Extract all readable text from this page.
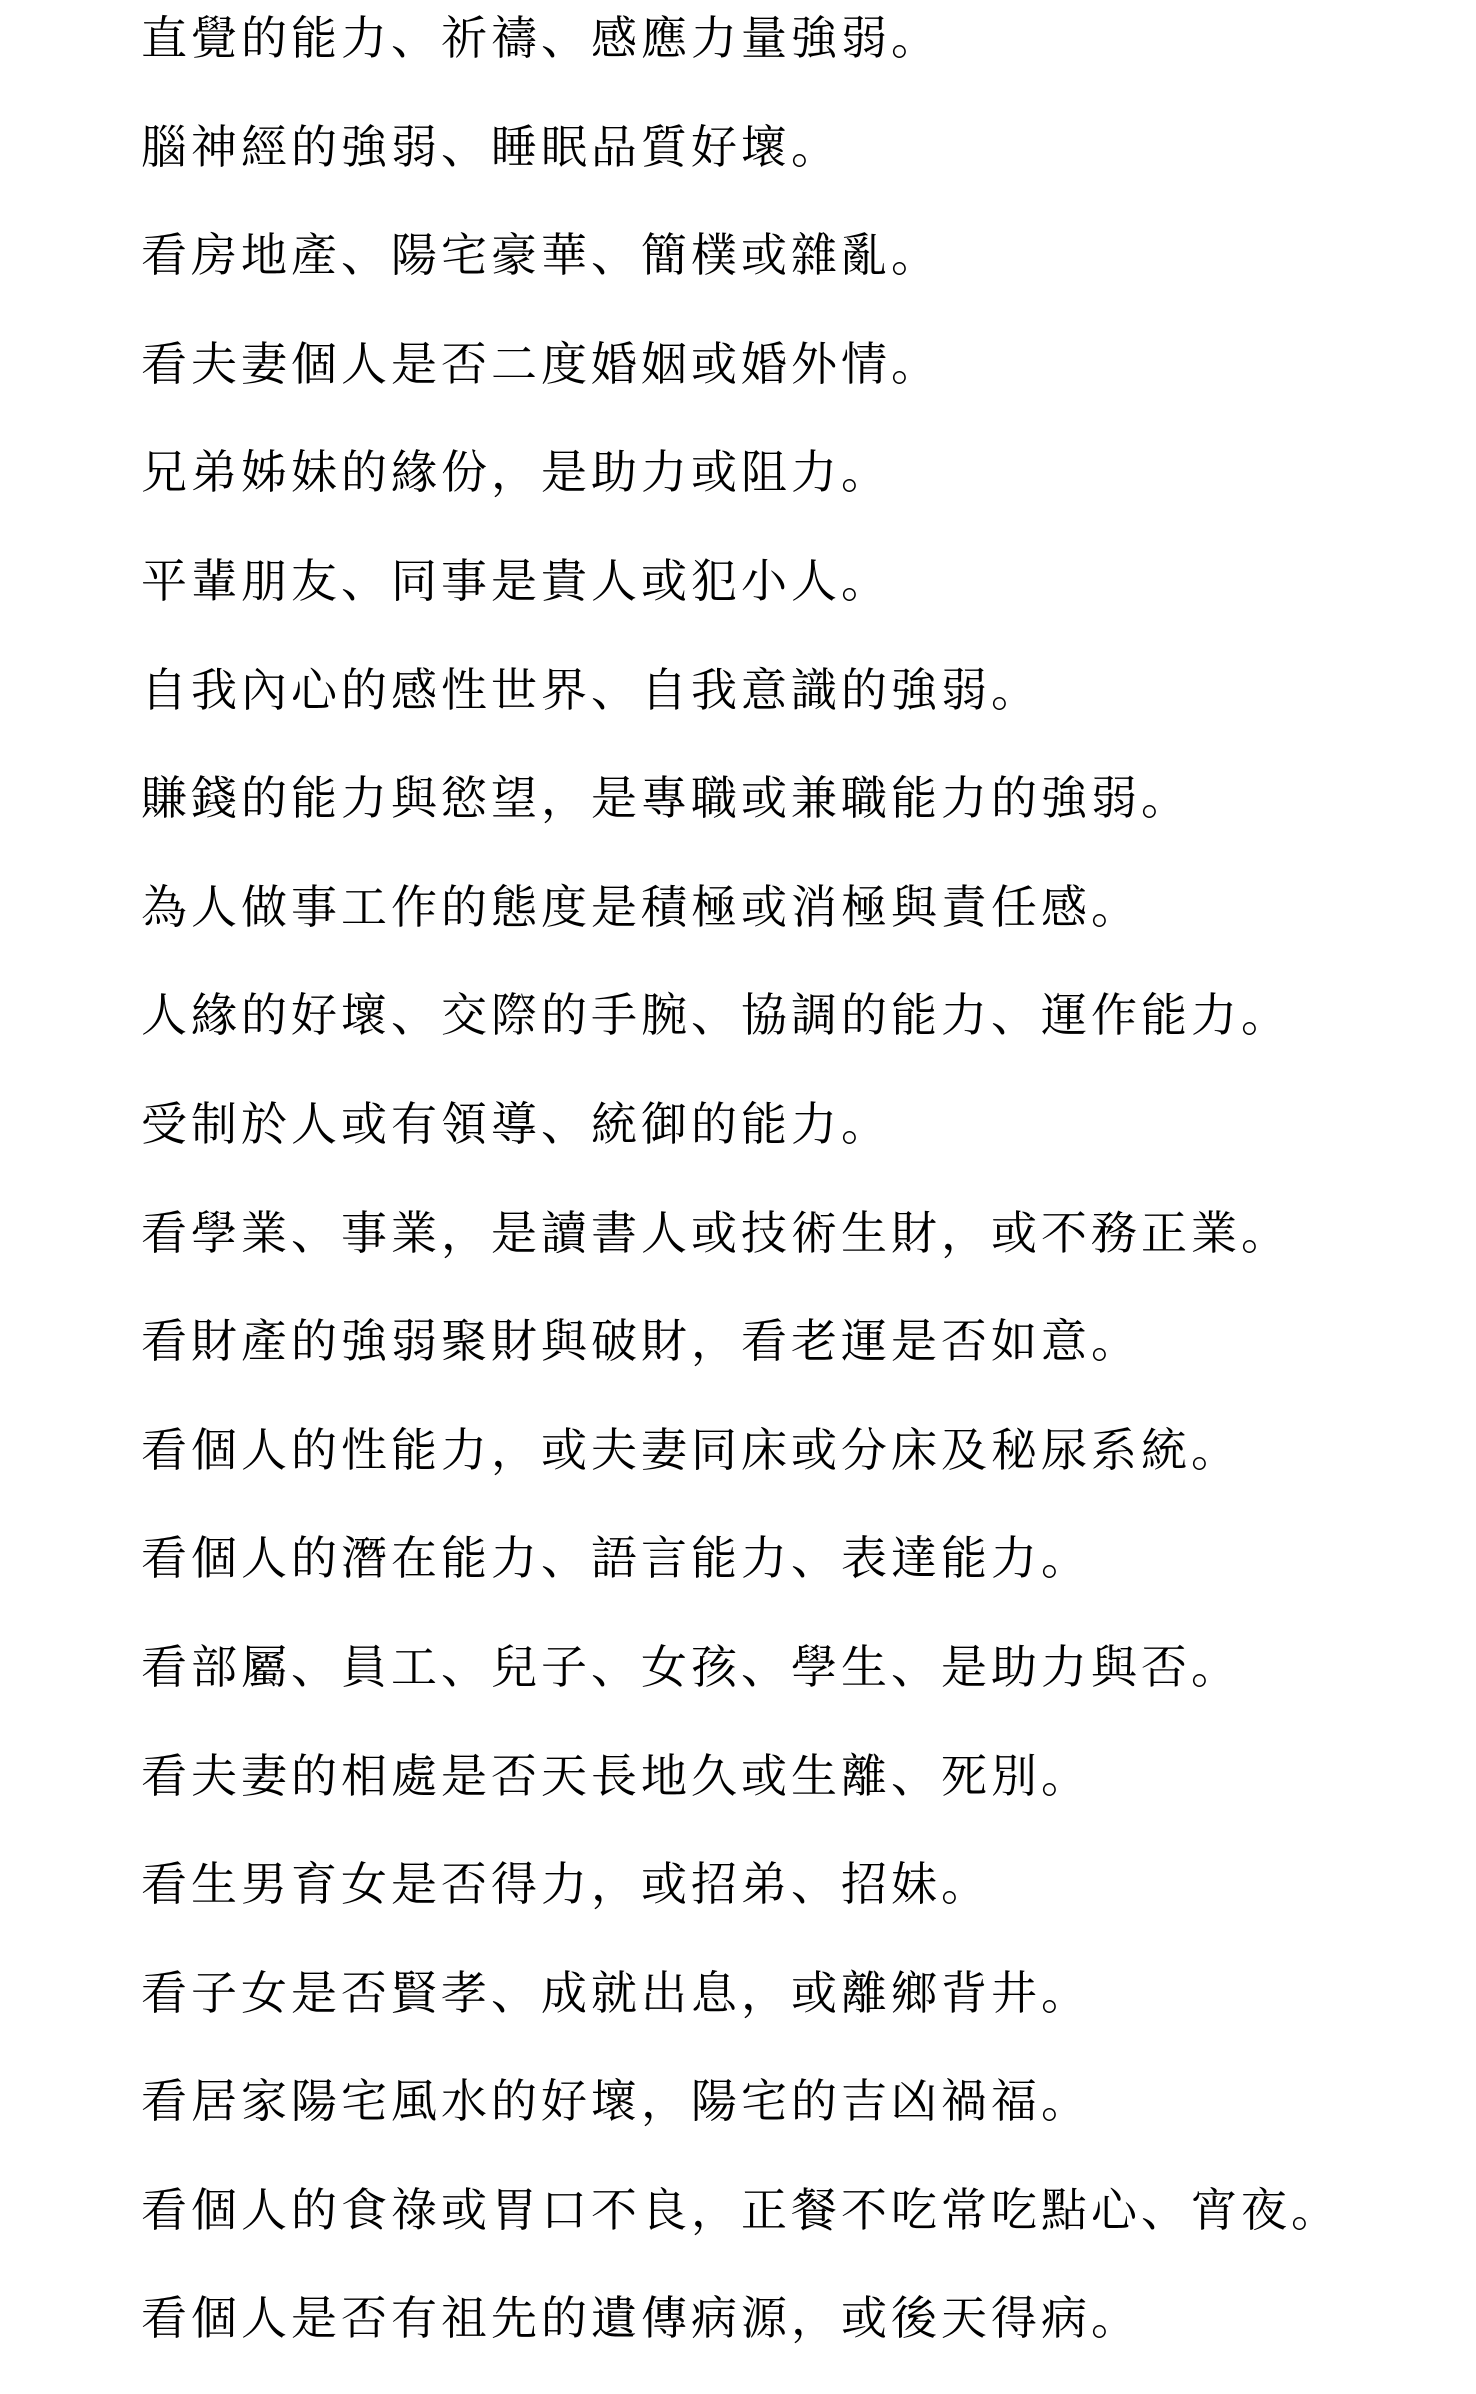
直覺的能力、祈禱、感應力量強弱。
腦神經的強弱、睡眠品質好壞。
看房地產、陽宅豪華、簡樸或雜亂。
看夫妻個人是否二度婚姻或婚外情。
兄弟姊妹的緣份，是助力或阻力。
平輩朋友、同事是貴人或犯小人。
自我內心的感性世界、自我意識的強弱。
賺錢的能力與慾望，是專職或兼職能力的強弱。
為人做事工作的態度是積極或消極與責任感。
人緣的好壞、交際的手腕、協調的能力、運作能力。
受制於人或有領導、統御的能力。
看學業、事業，是讀書人或技術生財，或不務正業。
看財產的強弱聚財與破財，看老運是否如意。
看個人的性能力，或夫妻同床或分床及秘尿系統。
看個人的潛在能力、語言能力、表達能力。
看部屬、員工、兒子、女孩、學生、是助力與否。
看夫妻的相處是否天長地久或生離、死別。
看生男育女是否得力，或招弟、招妹。
看子女是否賢孝、成就出息，或離鄉背井。
看居家陽宅風水的好壞，陽宅的吉凶禍福。
看個人的食祿或胃口不良，正餐不吃常吃點心、宵夜。
看個人是否有祖先的遺傳病源，或後天得病。
